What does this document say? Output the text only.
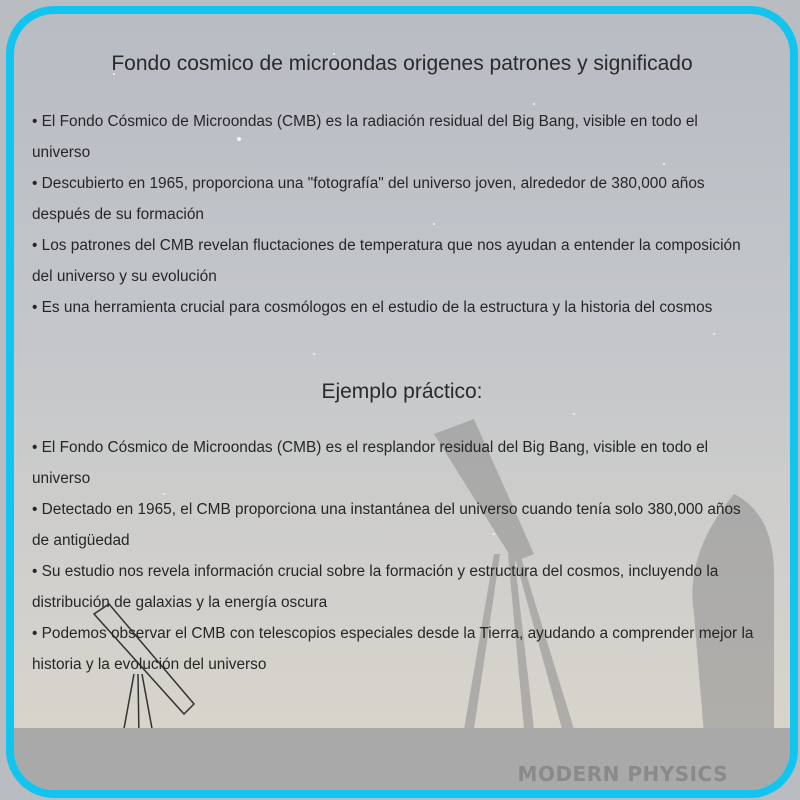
Fondo cosmico de microondas origenes patrones y significado
• El Fondo Cósmico de Microondas (CMB) es la radiación residual del Big Bang, visible en todo el universo
• Descubierto en 1965, proporciona una "fotografía" del universo joven, alrededor de 380,000 años después de su formación
• Los patrones del CMB revelan fluctaciones de temperatura que nos ayudan a entender la composición del universo y su evolución
• Es una herramienta crucial para cosmólogos en el estudio de la estructura y la historia del cosmos
Ejemplo práctico:
• El Fondo Cósmico de Microondas (CMB) es el resplandor residual del Big Bang, visible en todo el universo
• Detectado en 1965, el CMB proporciona una instantánea del universo cuando tenía solo 380,000 años de antigüedad
• Su estudio nos revela información crucial sobre la formación y estructura del cosmos, incluyendo la distribución de galaxias y la energía oscura
• Podemos observar el CMB con telescopios especiales desde la Tierra, ayudando a comprender mejor la historia y la evolución del universo
MODERN PHYSICS
